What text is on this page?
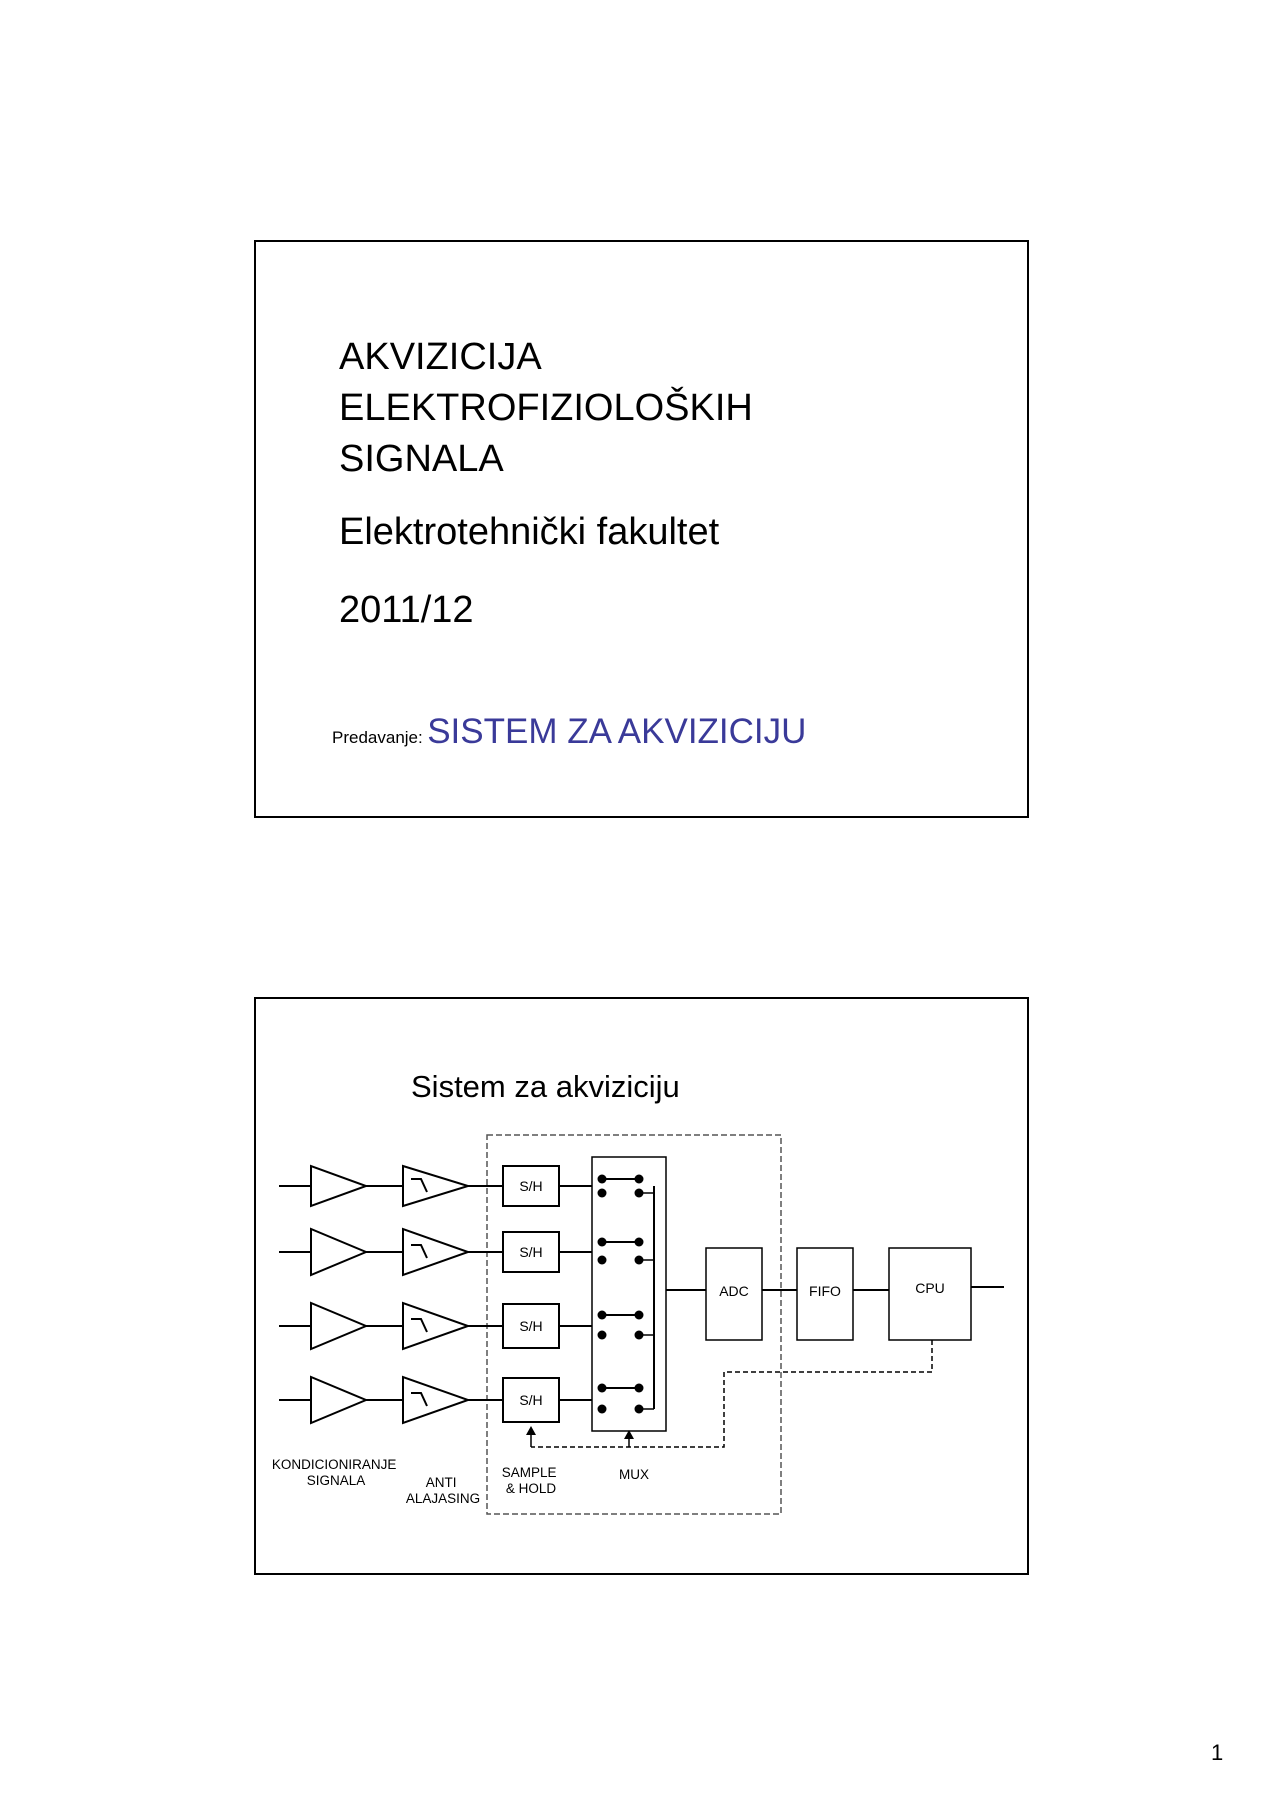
AKVIZICIJA
ELEKTROFIZIOLOŠKIH
SIGNALA
Elektrotehnički fakultet
2011/12
Predavanje: SISTEM ZA AKVIZICIJU
Sistem za akviziciju
S/H
S/H
S/H
S/H
ADC	FIFO	CPU
KONDICIONIRANJE SIGNALA	ANTI ALAJASING
SAMPLE & HOLD
MUX
1
